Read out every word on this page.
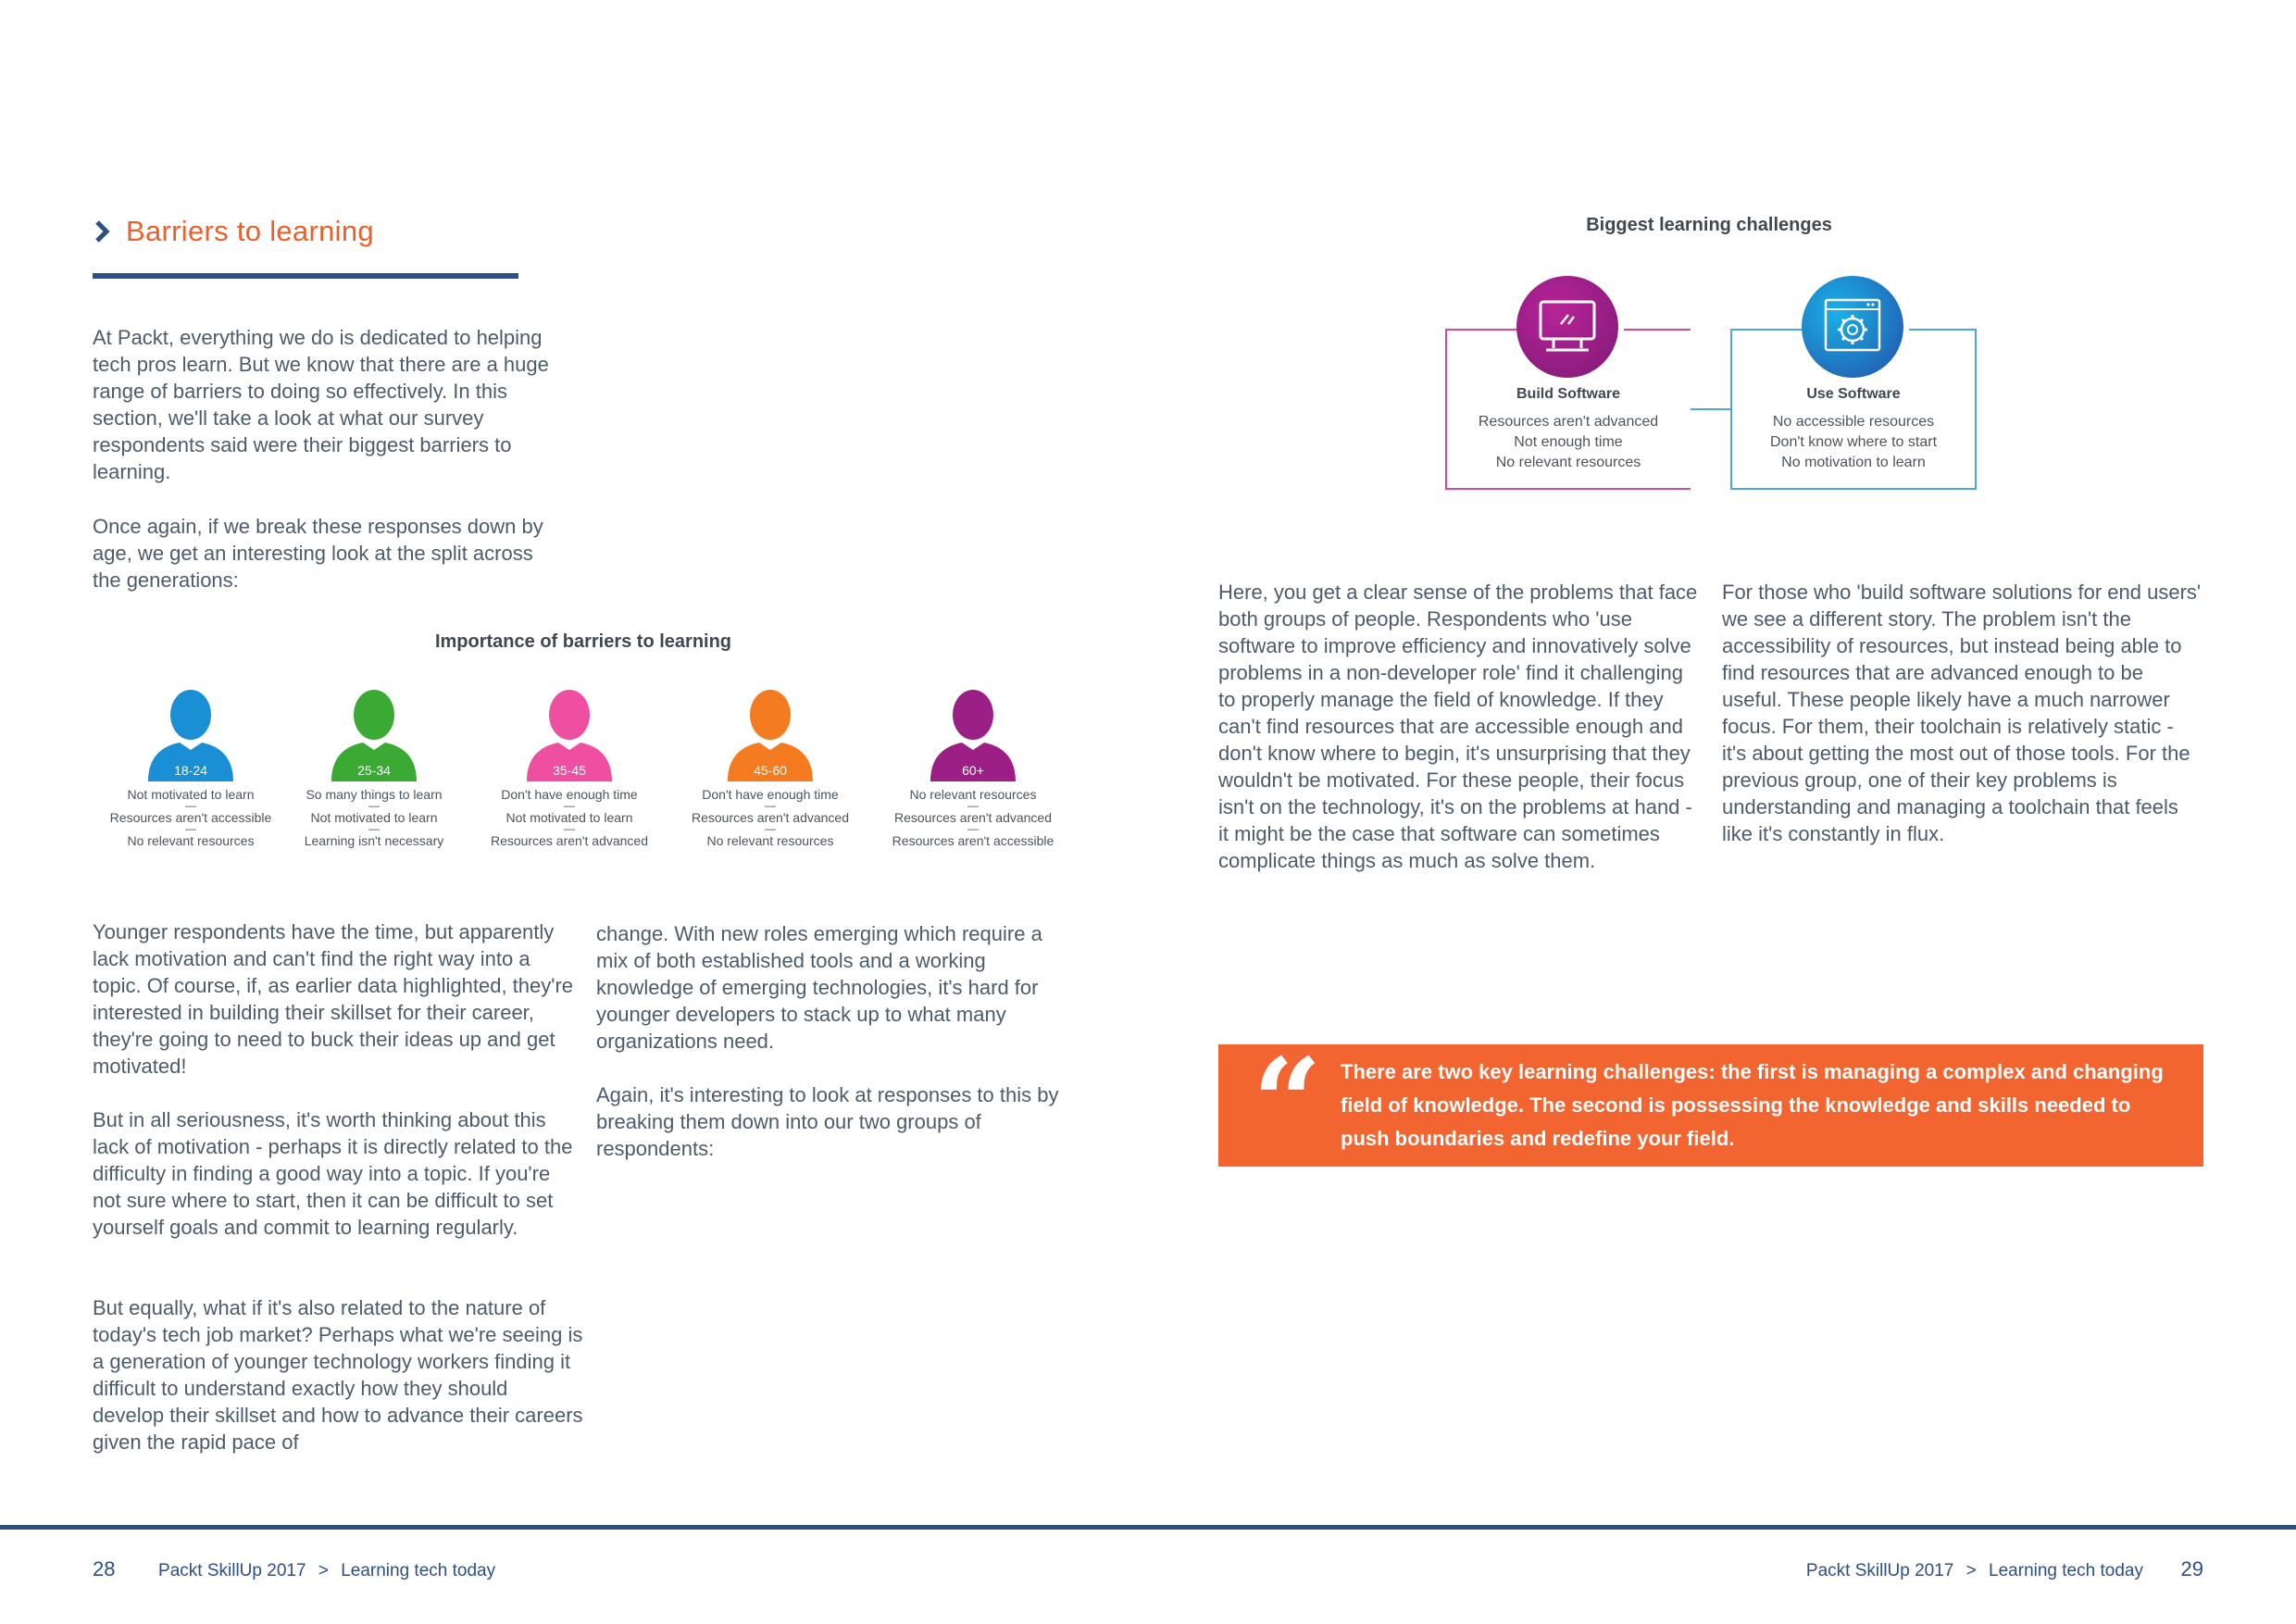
Barriers to learning

At Packt, everything we do is dedicated to helping tech pros learn. But we know that there are a huge range of barriers to doing so effectively. In this section, we'll take a look at what our survey respondents said were their biggest barriers to learning.

Once again, if we break these responses down by age, we get an interesting look at the split across the generations:

Importance of barriers to learning
18-24
Not motivated to learn
—
Resources aren't accessible
—
No relevant resources
25-34
So many things to learn
—
Not motivated to learn
—
Learning isn't necessary
35-45
Don't have enough time
—
Not motivated to learn
—
Resources aren't advanced
45-60
Don't have enough time
—
Resources aren't advanced
—
No relevant resources
60+
No relevant resources
—
Resources aren't advanced
—
Resources aren't accessible

Younger respondents have the time, but apparently lack motivation and can't find the right way into a topic. Of course, if, as earlier data highlighted, they're interested in building their skillset for their career, they're going to need to buck their ideas up and get motivated!

But in all seriousness, it's worth thinking about this lack of motivation - perhaps it is directly related to the difficulty in finding a good way into a topic. If you're not sure where to start, then it can be difficult to set yourself goals and commit to learning regularly.

But equally, what if it's also related to the nature of today's tech job market? Perhaps what we're seeing is a generation of younger technology workers finding it difficult to understand exactly how they should develop their skillset and how to advance their careers given the rapid pace of

change. With new roles emerging which require a mix of both established tools and a working knowledge of emerging technologies, it's hard for younger developers to stack up to what many organizations need.

Again, it's interesting to look at responses to this by breaking them down into our two groups of respondents:

Biggest learning challenges
Build Software
Resources aren't advanced
Not enough time
No relevant resources
Use Software
No accessible resources
Don't know where to start
No motivation to learn

Here, you get a clear sense of the problems that face both groups of people. Respondents who 'use software to improve efficiency and innovatively solve problems in a non-developer role' find it challenging to properly manage the field of knowledge. If they can't find resources that are accessible enough and don't know where to begin, it's unsurprising that they wouldn't be motivated. For these people, their focus isn't on the technology, it's on the problems at hand - it might be the case that software can sometimes complicate things as much as solve them.

For those who 'build software solutions for end users' we see a different story. The problem isn't the accessibility of resources, but instead being able to find resources that are advanced enough to be useful. These people likely have a much narrower focus. For them, their toolchain is relatively static - it's about getting the most out of those tools. For the previous group, one of their key problems is understanding and managing a toolchain that feels like it's constantly in flux.

“ There are two key learning challenges: the first is managing a complex and changing field of knowledge. The second is possessing the knowledge and skills needed to push boundaries and redefine your field.
28 Packt SkillUp 2017 > Learning tech today	Packt SkillUp 2017 > Learning tech today 29
